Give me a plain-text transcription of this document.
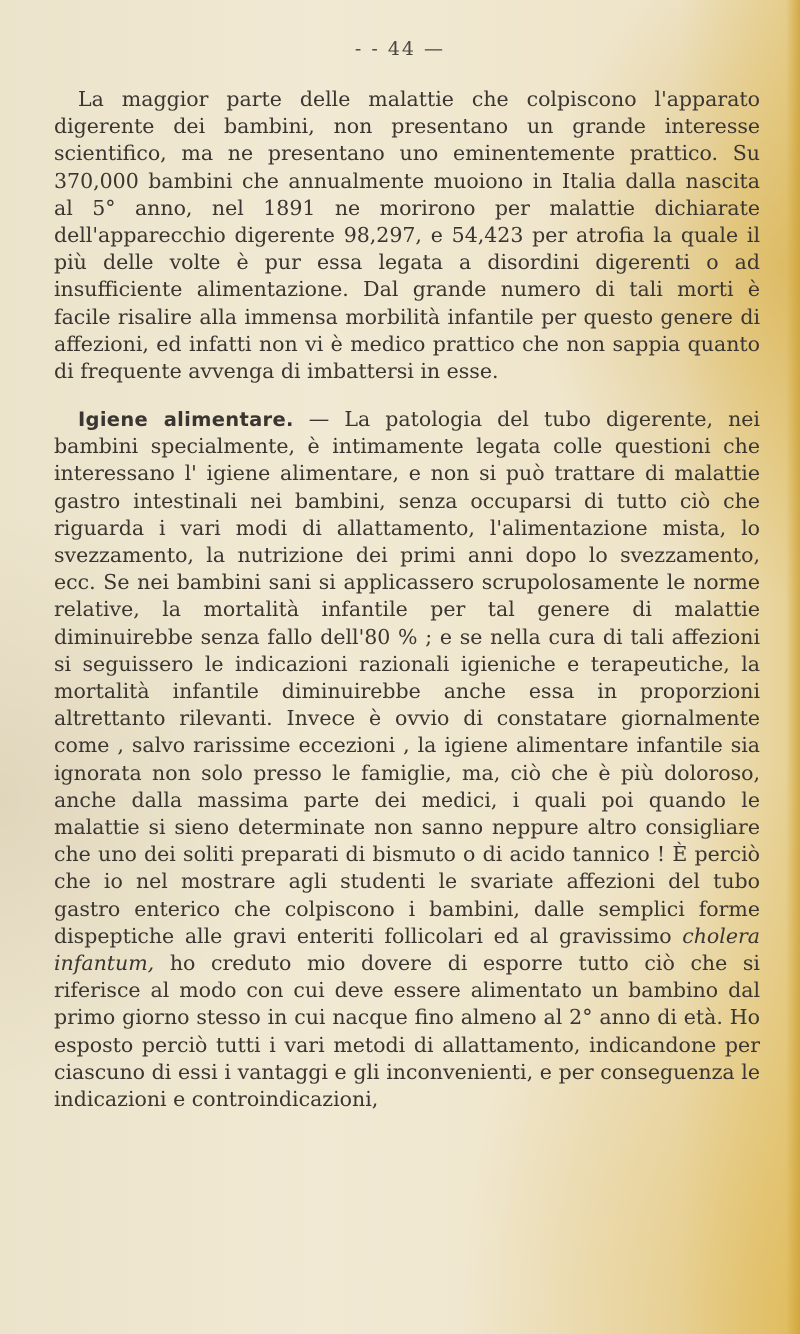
- - 44 —

La maggior parte delle malattie che colpiscono l'apparato digerente dei bambini, non presentano un grande interesse scientifico, ma ne presentano uno eminentemente prattico. Su 370,000 bambini che annualmente muoiono in Italia dalla nascita al 5° anno, nel 1891 ne morirono per malattie dichiarate dell'apparecchio digerente 98,297, e 54,423 per atrofia la quale il più delle volte è pur essa legata a disordini digerenti o ad insufficiente alimentazione. Dal grande numero di tali morti è facile risalire alla immensa morbilità infantile per questo genere di affezioni, ed infatti non vi è medico prattico che non sappia quanto di frequente avvenga di imbattersi in esse.

Igiene alimentare. — La patologia del tubo digerente, nei bambini specialmente, è intimamente legata colle questioni che interessano l' igiene alimentare, e non si può trattare di malattie gastro intestinali nei bambini, senza occuparsi di tutto ciò che riguarda i vari modi di allattamento, l'alimentazione mista, lo svezzamento, la nutrizione dei primi anni dopo lo svezzamento, ecc. Se nei bambini sani si applicassero scrupolosamente le norme relative, la mortalità infantile per tal genere di malattie diminuirebbe senza fallo dell'80 % ; e se nella cura di tali affezioni si seguissero le indicazioni razionali igieniche e terapeutiche, la mortalità infantile diminuirebbe anche essa in proporzioni altrettanto rilevanti. Invece è ovvio di constatare giornalmente come , salvo rarissime eccezioni , la igiene alimentare infantile sia ignorata non solo presso le famiglie, ma, ciò che è più doloroso, anche dalla massima parte dei medici, i quali poi quando le malattie si sieno determinate non sanno neppure altro consigliare che uno dei soliti preparati di bismuto o di acido tannico ! È perciò che io nel mostrare agli studenti le svariate affezioni del tubo gastro enterico che colpiscono i bambini, dalle semplici forme dispeptiche alle gravi enteriti follicolari ed al gravissimo cholera infantum, ho creduto mio dovere di esporre tutto ciò che si riferisce al modo con cui deve essere alimentato un bambino dal primo giorno stesso in cui nacque fino almeno al 2° anno di età. Ho esposto perciò tutti i vari metodi di allattamento, indicandone per ciascuno di essi i vantaggi e gli inconvenienti, e per conseguenza le indicazioni e controindicazioni,
